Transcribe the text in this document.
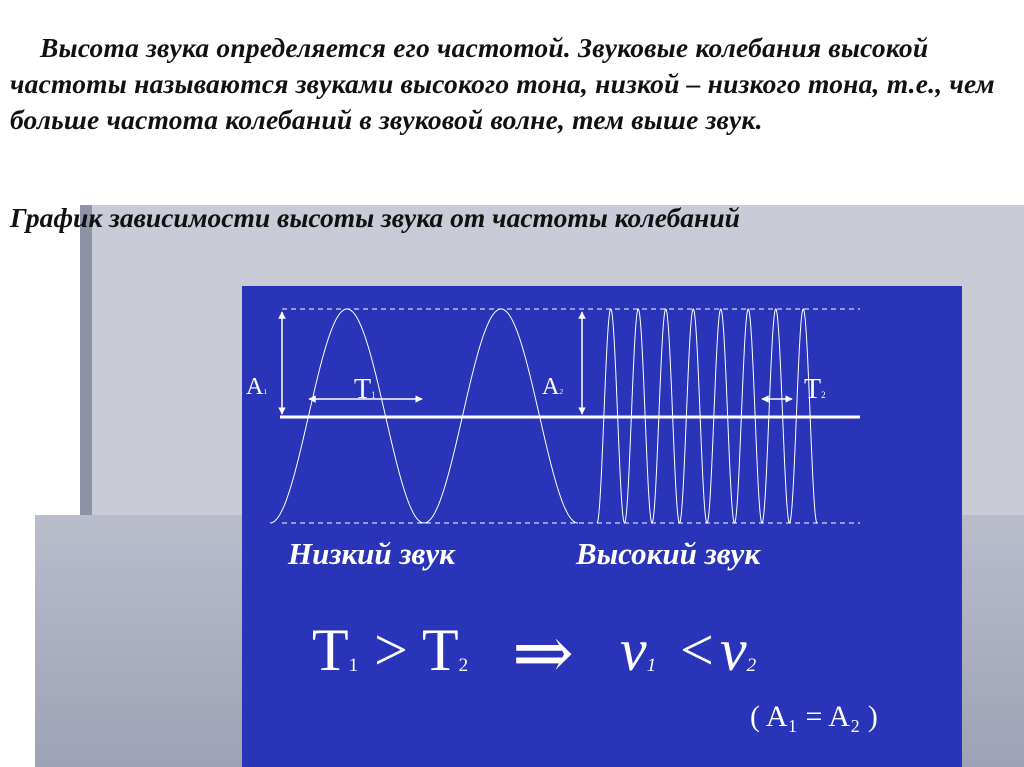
Высота звука определяется его частотой. Звуковые колебания высокой частоты называются звуками высокого тона, низкой – низкого тона, т.е., чем больше частота колебаний в звуковой волне, тем выше звук.

График зависимости высоты звука от частоты колебаний

$A_1$	$T_1$	$A_2$	$T_2$
Низкий звук	Высокий звук
$T_1 > T_2$ ⇒ $\nu_1 < \nu_2$
( A₁ = A₂ )
